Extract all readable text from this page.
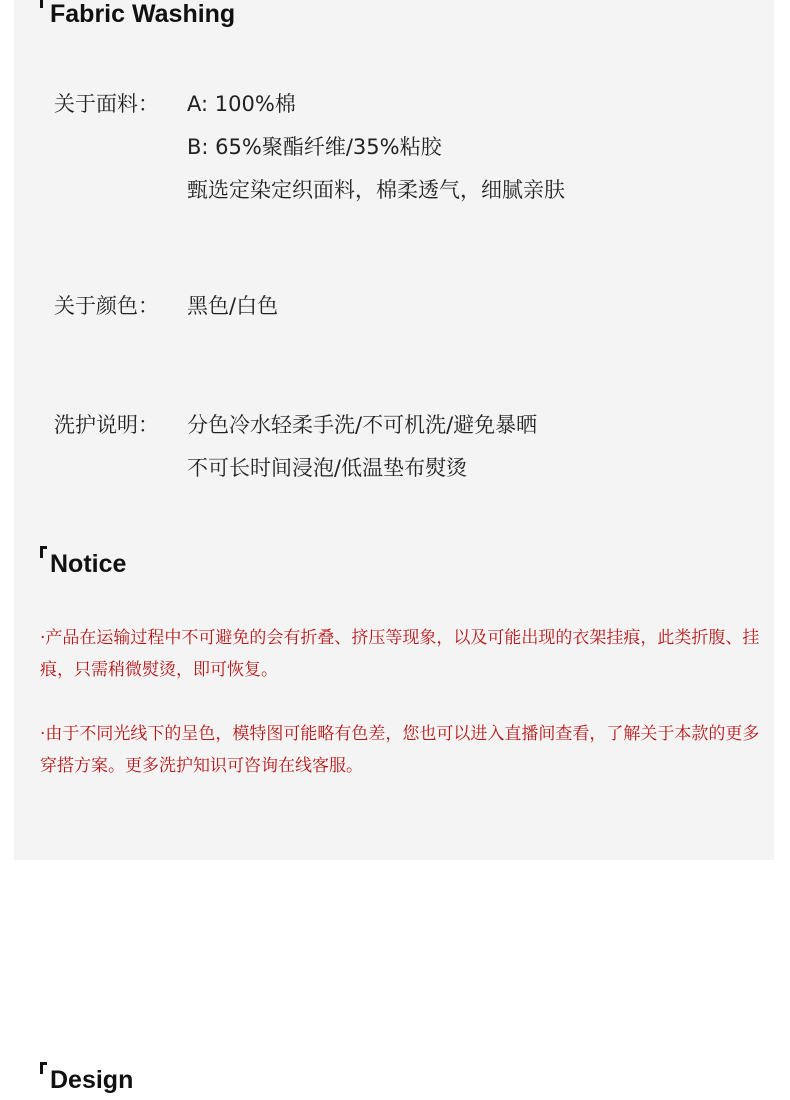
Fabric Washing
关于面料：	A: 100%棉
B: 65%聚酯纤维/35%粘胶
甄选定染定织面料，棉柔透气，细腻亲肤
关于颜色：	黑色/白色
洗护说明：	分色冷水轻柔手洗/不可机洗/避免暴晒
不可长时间浸泡/低温垫布熨烫
Notice
·产品在运输过程中不可避免的会有折叠、挤压等现象，以及可能出现的衣架挂痕，此类折腹、挂痕，只需稍微熨烫，即可恢复。
·由于不同光线下的呈色，模特图可能略有色差，您也可以进入直播间查看，了解关于本款的更多穿搭方案。更多洗护知识可咨询在线客服。
Design
